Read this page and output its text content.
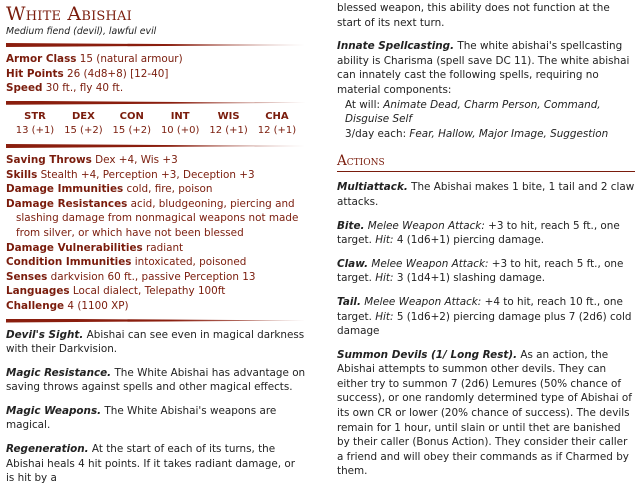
White Abishai
Medium fiend (devil), lawful evil
Armor Class 15 (natural armour)
Hit Points 26 (4d8+8) [12-40]
Speed 30 ft., fly 40 ft.
STR
13 (+1)
DEX
15 (+2)
CON
15 (+2)
INT
10 (+0)
WIS
12 (+1)
CHA
12 (+1)
Saving Throws Dex +4, Wis +3
Skills Stealth +4, Perception +3, Deception +3
Damage Immunities cold, fire, poison
Damage Resistances acid, bludgeoning, piercing and slashing damage from nonmagical weapons not made from silver, or which have not been blessed
Damage Vulnerabilities radiant
Condition Immunities intoxicated, poisoned
Senses darkvision 60 ft., passive Perception 13
Languages Local dialect, Telepathy 100ft
Challenge 4 (1100 XP)
Devil's Sight. Abishai can see even in magical darkness with their Darkvision.
Magic Resistance. The White Abishai has advantage on saving throws against spells and other magical effects.
Magic Weapons. The White Abishai's weapons are magical.
Regeneration. At the start of each of its turns, the Abishai heals 4 hit points. If it takes radiant damage, or is hit by a
blessed weapon, this ability does not function at the start of its next turn.
Innate Spellcasting. The white abishai's spellcasting ability is Charisma (spell save DC 11). The white abishai can innately cast the following spells, requiring no material components:
At will: Animate Dead, Charm Person, Command, Disguise Self
3/day each: Fear, Hallow, Major Image, Suggestion
Actions
Multiattack. The Abishai makes 1 bite, 1 tail and 2 claw attacks.
Bite. Melee Weapon Attack: +3 to hit, reach 5 ft., one target. Hit: 4 (1d6+1) piercing damage.
Claw. Melee Weapon Attack: +3 to hit, reach 5 ft., one target. Hit: 3 (1d4+1) slashing damage.
Tail. Melee Weapon Attack: +4 to hit, reach 10 ft., one target. Hit: 5 (1d6+2) piercing damage plus 7 (2d6) cold damage
Summon Devils (1/ Long Rest). As an action, the Abishai attempts to summon other devils. They can either try to summon 7 (2d6) Lemures (50% chance of success), or one randomly determined type of Abishai of its own CR or lower (20% chance of success). The devils remain for 1 hour, until slain or until thet are banished by their caller (Bonus Action). They consider their caller a friend and will obey their commands as if Charmed by them.
